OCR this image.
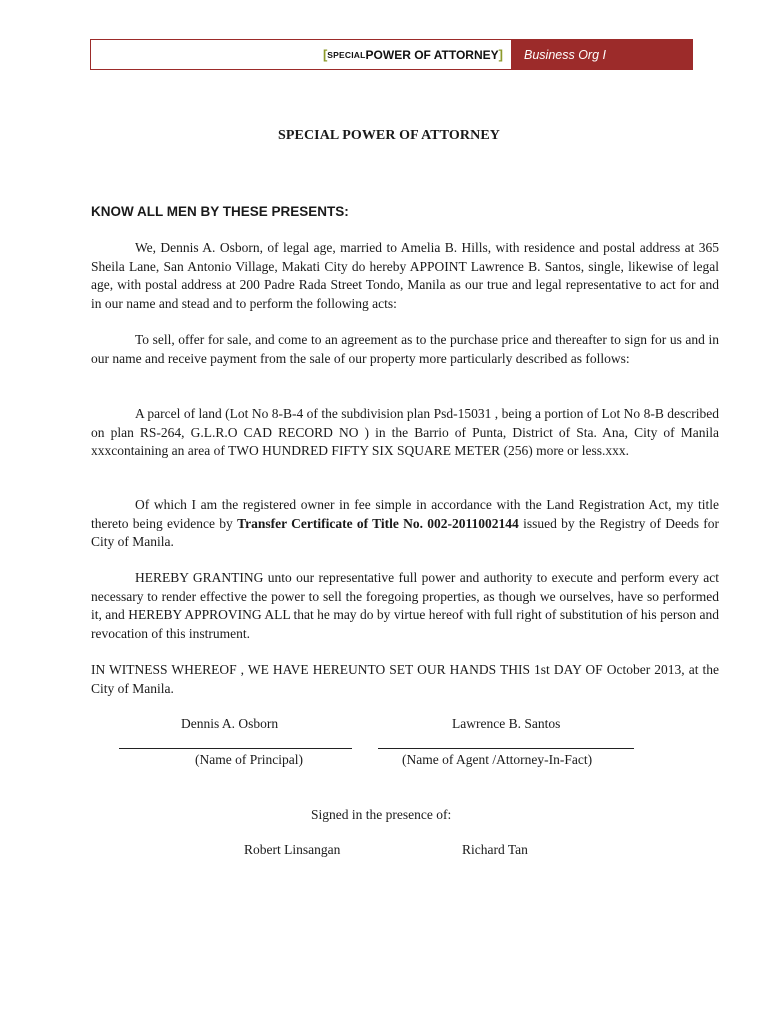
[ SPECIAL POWER OF ATTORNEY ]	Business Org I
SPECIAL POWER OF ATTORNEY
KNOW ALL MEN BY THESE PRESENTS:

We, Dennis A. Osborn, of legal age, married to Amelia B. Hills, with residence and postal address at 365 Sheila Lane, San Antonio Village, Makati City do hereby APPOINT Lawrence B. Santos, single, likewise of legal age, with postal address at 200 Padre Rada Street Tondo, Manila as our true and legal representative to act for and in our name and stead and to perform the following acts:

To sell, offer for sale, and come to an agreement as to the purchase price and thereafter to sign for us and in our name and receive payment from the sale of our property more particularly described as follows:

A parcel of land (Lot No 8-B-4 of the subdivision plan Psd-15031 , being a portion of Lot No 8-B described on plan RS-264, G.L.R.O CAD RECORD NO ) in the Barrio of Punta, District of Sta. Ana, City of Manila xxxcontaining an area of TWO HUNDRED FIFTY SIX SQUARE METER (256) more or less.xxx.

Of which I am the registered owner in fee simple in accordance with the Land Registration Act, my title thereto being evidence by Transfer Certificate of Title No. 002-2011002144 issued by the Registry of Deeds for City of Manila.

HEREBY GRANTING unto our representative full power and authority to execute and perform every act necessary to render effective the power to sell the foregoing properties, as though we ourselves, have so performed it, and HEREBY APPROVING ALL that he may do by virtue hereof with full right of substitution of his person and revocation of this instrument.

IN WITNESS WHEREOF , WE HAVE HEREUNTO SET OUR HANDS THIS 1st DAY OF October 2013, at the City of Manila.

Dennis A. Osborn	Lawrence B. Santos
(Name of Principal)	(Name of Agent /Attorney-In-Fact)
Signed in the presence of:
Robert Linsangan	Richard Tan
